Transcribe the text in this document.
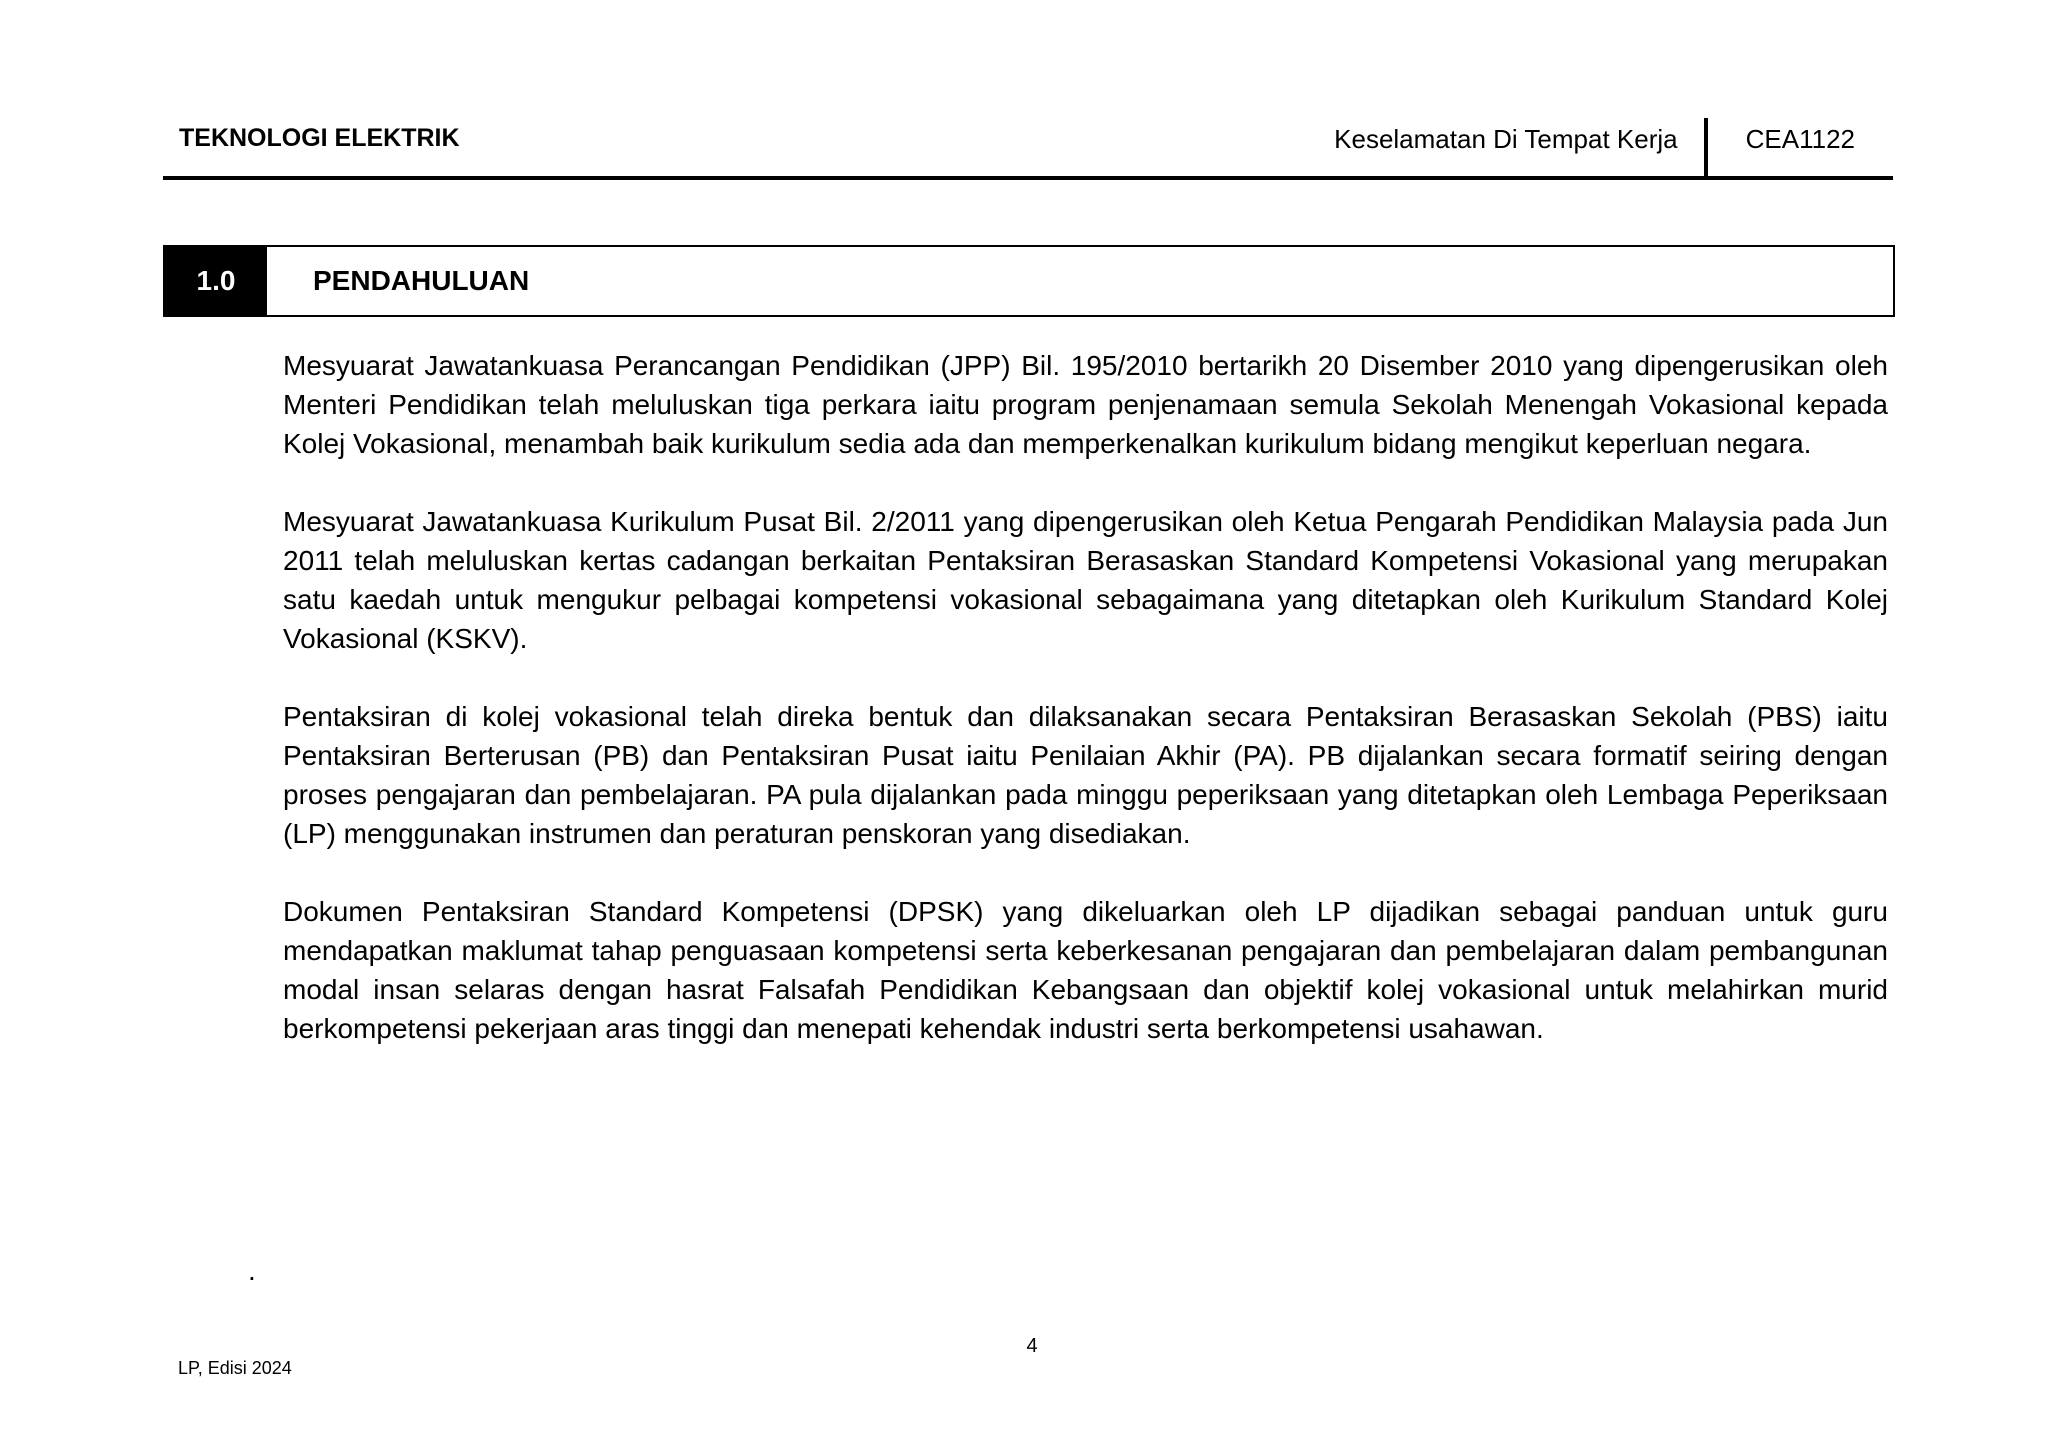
TEKNOLOGI ELEKTRIK	Keselamatan Di Tempat Kerja	CEA1122
1.0	PENDAHULUAN

Mesyuarat Jawatankuasa Perancangan Pendidikan (JPP) Bil. 195/2010 bertarikh 20 Disember 2010 yang dipengerusikan oleh Menteri Pendidikan telah meluluskan tiga perkara iaitu program penjenamaan semula Sekolah Menengah Vokasional kepada Kolej Vokasional, menambah baik kurikulum sedia ada dan memperkenalkan kurikulum bidang mengikut keperluan negara.

Mesyuarat Jawatankuasa Kurikulum Pusat Bil. 2/2011 yang dipengerusikan oleh Ketua Pengarah Pendidikan Malaysia pada Jun 2011 telah meluluskan kertas cadangan berkaitan Pentaksiran Berasaskan Standard Kompetensi Vokasional yang merupakan satu kaedah untuk mengukur pelbagai kompetensi vokasional sebagaimana yang ditetapkan oleh Kurikulum Standard Kolej Vokasional (KSKV).

Pentaksiran di kolej vokasional telah direka bentuk dan dilaksanakan secara Pentaksiran Berasaskan Sekolah (PBS) iaitu Pentaksiran Berterusan (PB) dan Pentaksiran Pusat iaitu Penilaian Akhir (PA). PB dijalankan secara formatif seiring dengan proses pengajaran dan pembelajaran. PA pula dijalankan pada minggu peperiksaan yang ditetapkan oleh Lembaga Peperiksaan (LP) menggunakan instrumen dan peraturan penskoran yang disediakan.

Dokumen Pentaksiran Standard Kompetensi (DPSK) yang dikeluarkan oleh LP dijadikan sebagai panduan untuk guru mendapatkan maklumat tahap penguasaan kompetensi serta keberkesanan pengajaran dan pembelajaran dalam pembangunan modal insan selaras dengan hasrat Falsafah Pendidikan Kebangsaan dan objektif kolej vokasional untuk melahirkan murid berkompetensi pekerjaan aras tinggi dan menepati kehendak industri serta berkompetensi usahawan.

.
4
LP, Edisi 2024
